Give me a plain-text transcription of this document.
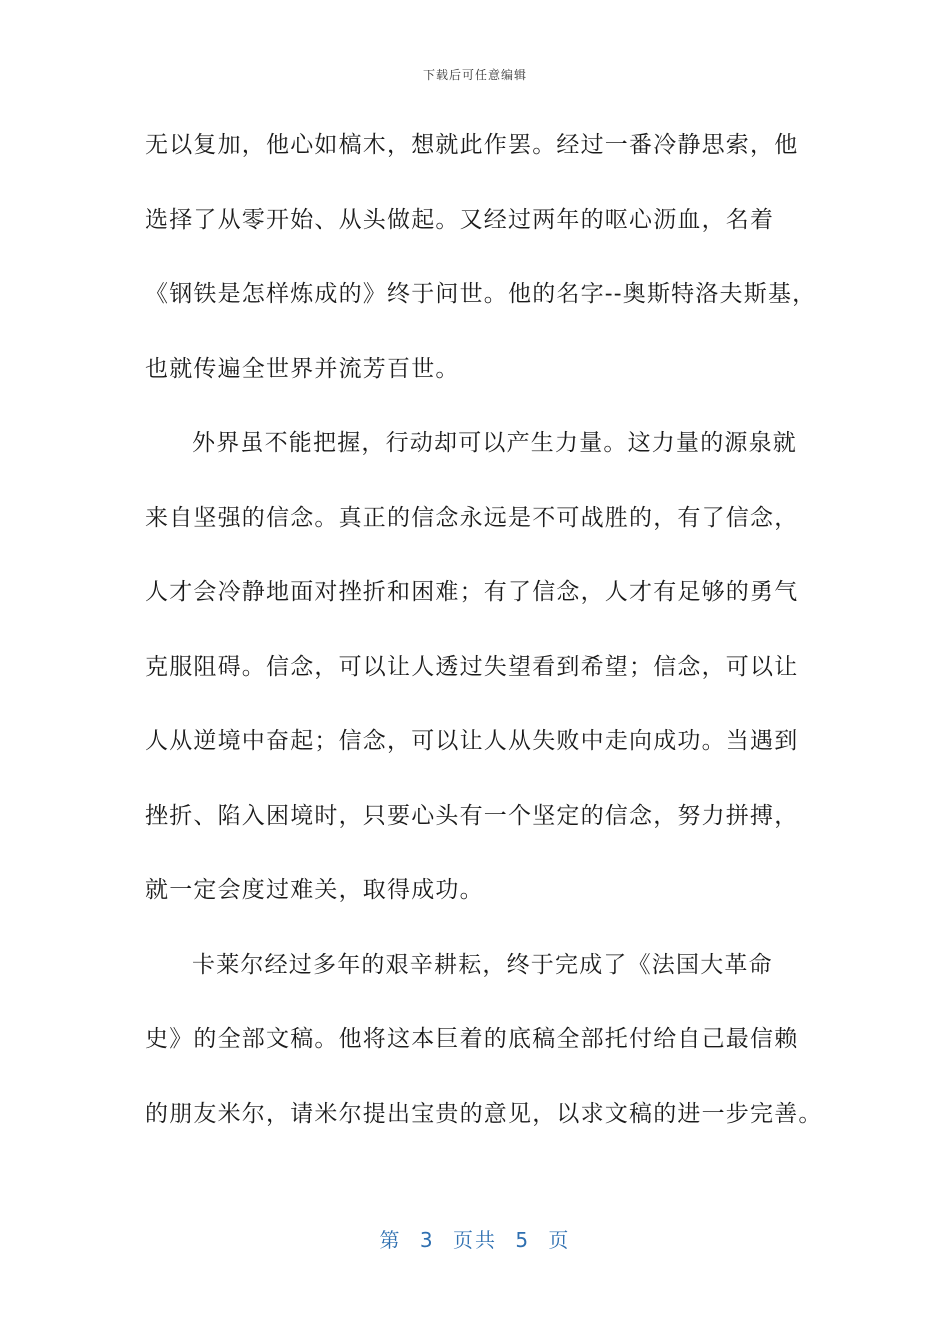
下载后可任意编辑
无以复加，他心如槁木，想就此作罢。经过一番冷静思索，他
选择了从零开始、从头做起。又经过两年的呕心沥血，名着
《钢铁是怎样炼成的》终于问世。他的名字--奥斯特洛夫斯基，
也就传遍全世界并流芳百世。
外界虽不能把握，行动却可以产生力量。这力量的源泉就
来自坚强的信念。真正的信念永远是不可战胜的，有了信念，
人才会冷静地面对挫折和困难；有了信念，人才有足够的勇气
克服阻碍。信念，可以让人透过失望看到希望；信念，可以让
人从逆境中奋起；信念，可以让人从失败中走向成功。当遇到
挫折、陷入困境时，只要心头有一个坚定的信念，努力拼搏，
就一定会度过难关，取得成功。
卡莱尔经过多年的艰辛耕耘，终于完成了《法国大革命
史》的全部文稿。他将这本巨着的底稿全部托付给自己最信赖
的朋友米尔，请米尔提出宝贵的意见，以求文稿的进一步完善。
第 3 页共 5 页
